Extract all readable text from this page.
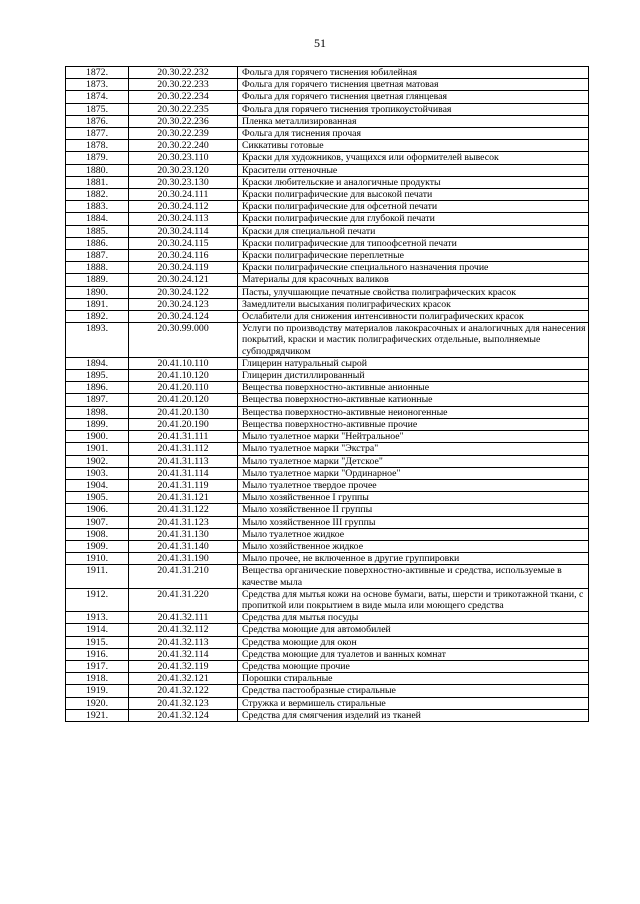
51
1872.	20.30.22.232	Фольга для горячего тиснения юбилейная
1873.	20.30.22.233	Фольга для горячего тиснения цветная матовая
1874.	20.30.22.234	Фольга для горячего тиснения цветная глянцевая
1875.	20.30.22.235	Фольга для горячего тиснения тропикоустойчивая
1876.	20.30.22.236	Пленка металлизированная
1877.	20.30.22.239	Фольга для тиснения прочая
1878.	20.30.22.240	Сиккативы готовые
1879.	20.30.23.110	Краски для художников, учащихся или оформителей вывесок
1880.	20.30.23.120	Красители оттеночные
1881.	20.30.23.130	Краски любительские и аналогичные продукты
1882.	20.30.24.111	Краски полиграфические для высокой печати
1883.	20.30.24.112	Краски полиграфические для офсетной печати
1884.	20.30.24.113	Краски полиграфические для глубокой печати
1885.	20.30.24.114	Краски для специальной печати
1886.	20.30.24.115	Краски полиграфические для типоофсетной печати
1887.	20.30.24.116	Краски полиграфические переплетные
1888.	20.30.24.119	Краски полиграфические специального назначения прочие
1889.	20.30.24.121	Материалы для красочных валиков
1890.	20.30.24.122	Пасты, улучшающие печатные свойства полиграфических красок
1891.	20.30.24.123	Замедлители высыхания полиграфических красок
1892.	20.30.24.124	Ослабители для снижения интенсивности полиграфических красок
1893.	20.30.99.000	Услуги по производству материалов лакокрасочных и аналогичных для нанесения покрытий, краски и мастик полиграфических отдельные, выполняемые субподрядчиком
1894.	20.41.10.110	Глицерин натуральный сырой
1895.	20.41.10.120	Глицерин дистиллированный
1896.	20.41.20.110	Вещества поверхностно-активные анионные
1897.	20.41.20.120	Вещества поверхностно-активные катионные
1898.	20.41.20.130	Вещества поверхностно-активные неионогенные
1899.	20.41.20.190	Вещества поверхностно-активные прочие
1900.	20.41.31.111	Мыло туалетное марки "Нейтральное"
1901.	20.41.31.112	Мыло туалетное марки "Экстра"
1902.	20.41.31.113	Мыло туалетное марки "Детское"
1903.	20.41.31.114	Мыло туалетное марки "Ординарное"
1904.	20.41.31.119	Мыло туалетное твердое прочее
1905.	20.41.31.121	Мыло хозяйственное I группы
1906.	20.41.31.122	Мыло хозяйственное II группы
1907.	20.41.31.123	Мыло хозяйственное III группы
1908.	20.41.31.130	Мыло туалетное жидкое
1909.	20.41.31.140	Мыло хозяйственное жидкое
1910.	20.41.31.190	Мыло прочее, не включенное в другие группировки
1911.	20.41.31.210	Вещества органические поверхностно-активные и средства, используемые в качестве мыла
1912.	20.41.31.220	Средства для мытья кожи на основе бумаги, ваты, шерсти и трикотажной ткани, с пропиткой или покрытием в виде мыла или моющего средства
1913.	20.41.32.111	Средства для мытья посуды
1914.	20.41.32.112	Средства моющие для автомобилей
1915.	20.41.32.113	Средства моющие для окон
1916.	20.41.32.114	Средства моющие для туалетов и ванных комнат
1917.	20.41.32.119	Средства моющие прочие
1918.	20.41.32.121	Порошки стиральные
1919.	20.41.32.122	Средства пастообразные стиральные
1920.	20.41.32.123	Стружка и вермишель стиральные
1921.	20.41.32.124	Средства для смягчения изделий из тканей
